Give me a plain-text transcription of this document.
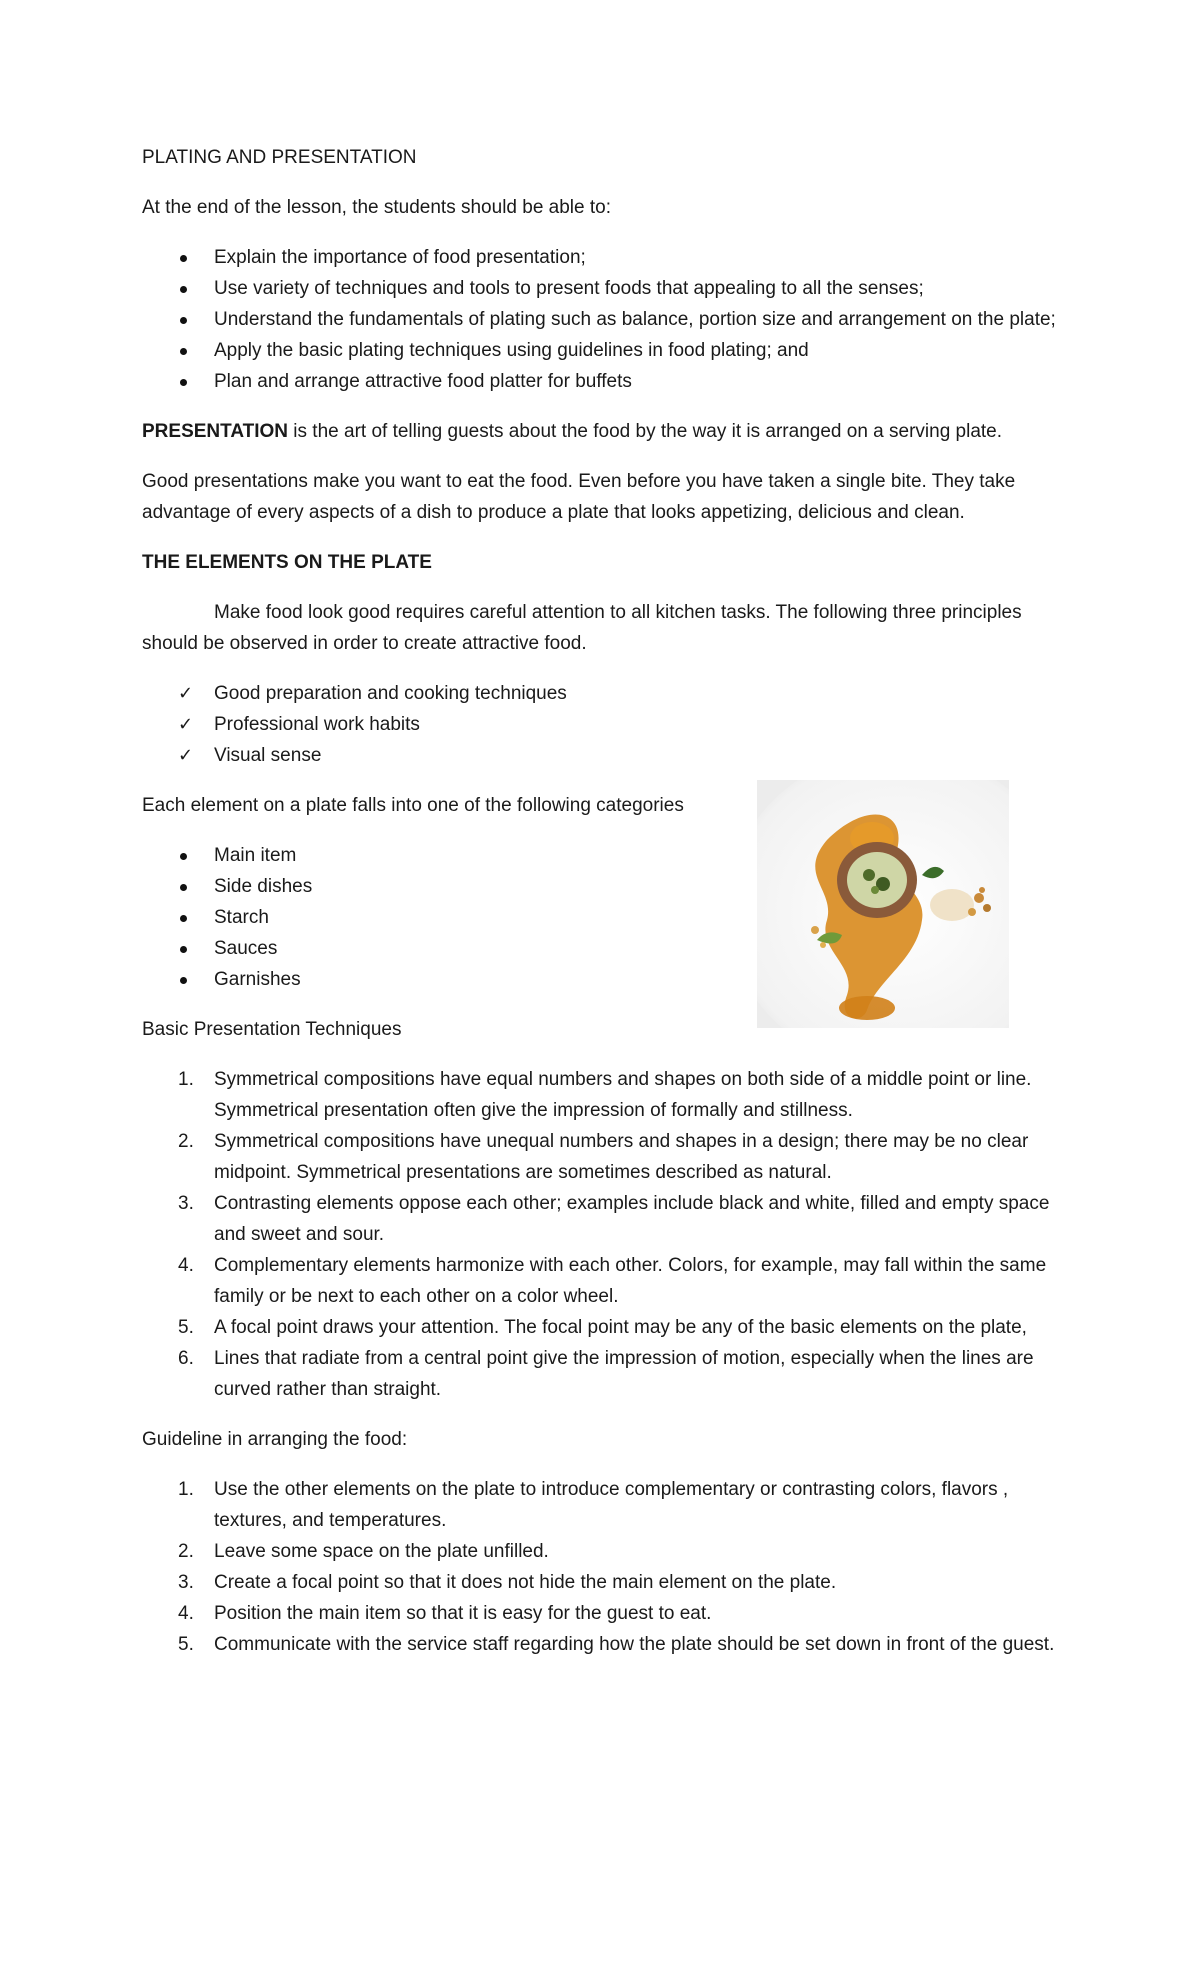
PLATING AND PRESENTATION

At the end of the lesson, the students should be able to:

Explain the importance of food presentation;
Use variety of techniques and tools to present foods that appealing to all the senses;
Understand the fundamentals of plating such as balance, portion size and arrangement on the plate;
Apply the basic plating techniques using guidelines in food plating; and
Plan and arrange attractive food platter for buffets

PRESENTATION is the art of telling guests about the food by the way it is arranged on a serving plate.

Good presentations make you want to eat the food. Even before you have taken a single bite. They take advantage of every aspects of a dish to produce a plate that looks appetizing, delicious and clean.

THE ELEMENTS ON THE PLATE

Make food look good requires careful attention to all kitchen tasks. The following three principles should be observed in order to create attractive food.

✓ Good preparation and cooking techniques
✓ Professional work habits
✓ Visual sense

Each element on a plate falls into one of the following categories

Main item
Side dishes
Starch
Sauces
Garnishes

Basic Presentation Techniques

1. Symmetrical compositions have equal numbers and shapes on both side of a middle point or line. Symmetrical presentation often give the impression of formally and stillness.
2. Symmetrical compositions have unequal numbers and shapes in a design; there may be no clear midpoint. Symmetrical presentations are sometimes described as natural.
3. Contrasting elements oppose each other; examples include black and white, filled and empty space and sweet and sour.
4. Complementary elements harmonize with each other. Colors, for example, may fall within the same family or be next to each other on a color wheel.
5. A focal point draws your attention. The focal point may be any of the basic elements on the plate,
6. Lines that radiate from a central point give the impression of motion, especially when the lines are curved rather than straight.

Guideline in arranging the food:

1. Use the other elements on the plate to introduce complementary or contrasting colors, flavors , textures, and temperatures.
2. Leave some space on the plate unfilled.
3. Create a focal point so that it does not hide the main element on the plate.
4. Position the main item so that it is easy for the guest to eat.
5. Communicate with the service staff regarding how the plate should be set down in front of the guest.
